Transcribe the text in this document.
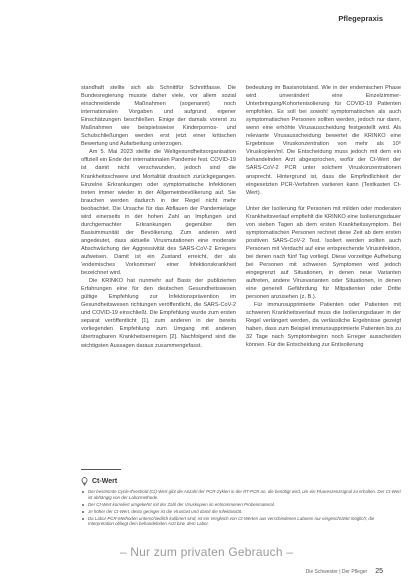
Pflegepraxis

standhaft stellte sich als Schnittfür Schnittfasse. Die Bundesregierung musste daher viele, vor allem sozial einschneidende Maßnahmen (sogenannt) noch internationalen Vorgaben und aufgrund eigener Einschätzungen beschließen. Einige der damals vorerst zu Maßnahmen wie beispielsweise Kinderpornos- und Schulschließungen werden erst jetzt einer kritischen Bewertung und Aufarbeitung unterzogen.

Am 5. Mai 2023 stellte die Weltgesundheitsorganisation offiziell ein Ende der internationalen Pandemie fest. COVID-19 ist damit nicht verschwunden, jedoch sind die Krankheitsschwere und Mortalität drastisch zurückgegangen. Einzelne Erkrankungen oder symptomatische Infektionen treten immer wieder in der Allgemeinbevölkerung auf. Sie brauchen werden dadurch in der Regel nicht mehr beobachtet. Die Ursache für das Abflauen der Pandemielage wird einerseits in der hohen Zahl an Impfungen und durchgemachter Erkrankungen gegenüber den Basisimmunität der Bevölkerung. Zum anderen wird angedeutet, dass aktuelle Virusmutationen eine moderate Abschwächung der Aggressivität des SARS-CoV-2 Erregers aufweisen. Damit ist ein Zustand erreicht, der als 'endemisches Vorkommen' einer Infektionskrankheit bezeichnet wird.

Die KRINKO hat nunmehr auf Basis der publizierten Erfahrungen eine für den deutschen Gesundheitswesen gültige Empfehlung zur Infektionsprävention im Gesundheitswesen richtungen veröffentlicht, die SARS-CoV-2 und COVID-19 einschließt. Die Empfehlung wurde zum ersten separat veröffentlicht [1], zum anderen in der bereits vorliegenden Empfehlung zum Umgang mit anderen übertragbaren Krankheitserregern [2]. Nachfolgend sind die wichtigsten Aussagen daraus zusammengefasst.

bedeutung im Basisnotstand. Wie in der endemischen Phase wird unverändert eine Einzelzimmer-Unterbringung/Kohortenisolierung für COVID-19 Patienten empfohlen. Es soll bei sowohl symptomatischen als auch symptomatischen Personen sollten werden, jedoch nur dann, wenn eine erhöhte Virusausscheidung festgestellt wird. Als relevante Virusausscheidung bewertet die KRINKO eine Ergebnisse Viruskonzentration von mehr als 10⁶ Viruskopien/ml. Die Entscheidung muss jedoch mit dem ein behandelnden Arzt abgesprochen, wofür der Ct-Wert der SARS-CoV-2 PCR unter solchem Viruskonzentrationen ansprecht. Hintergrund ist, dass die Empfindlichkeit der eingesetzten PCR-Verfahren variieren kann (Textkasten Ct-Wert).

Unter der Isolierung für Personen mit milden oder moderaten Krankheitsverlauf empfiehlt die KRINKO eine Isolierungsdauer von sieben Tagen ab dem ersten Krankheitssymptom. Bei symptomatischen Personen rechnet diese Zeit ab dem ersten positiven SARS-CoV-2 Test. Isoliert werden sollten auch Personen mit Verdacht auf eine entsprechende Virusinfektion, bei denen nach fünf Tag vorliegt. Diese vorzeitige Aufhebung bei Personen mit schweren Symptomen wird jedoch eingegrenzt auf Situationen, in denen neue Varianten auftreten, andere Virusvarianten oder Situationen, in denen eine generell Gefährdung für Mitpatienten oder Dritte personen anzusehen (z. B.).

Für immunsupprimierte Patienten oder Patienten mit schweren Krankheitsverlauf muss die Isolierungsdauer in der Regel verlängert werden, da verlässliche Ergebnisse gezeigt haben, dass zum Beispiel immunsupprimierte Patienten bis zu 32 Tage nach Symptombeginn noch Erreger ausscheiden können. Für die Entscheidung zur Entisolierung

Ct-Wert
Der bestimmte Cycle-threshold (Ct)-Wert gibt die Anzahl der PCR-Zyklen in der RT-PCR an, die benötigt wird, um ein Fluoreszenzsignal zu erhalten. Der Ct-Wert ist abhängig von der Labormethode.
Der Ct-Wert korreliert umgekehrt mit der Zahl der Viruskopien im entnommenen Probenmaterial.
Je höher der Ct-Wert, desto geringer ist die Viruslast und damit die Infektiosität.
Da Labor-PCR-Methoden unterschiedlich kalibriert sind, ist ein Vergleich von Ct-Werten aus verschiedenen Laboren nur eingeschränkt möglich; die Interpretation obliegt dem behandelnden Arzt bzw. dem Labor.
– Nur zum privaten Gebrauch –
Die Schwester | Der Pfleger 25
